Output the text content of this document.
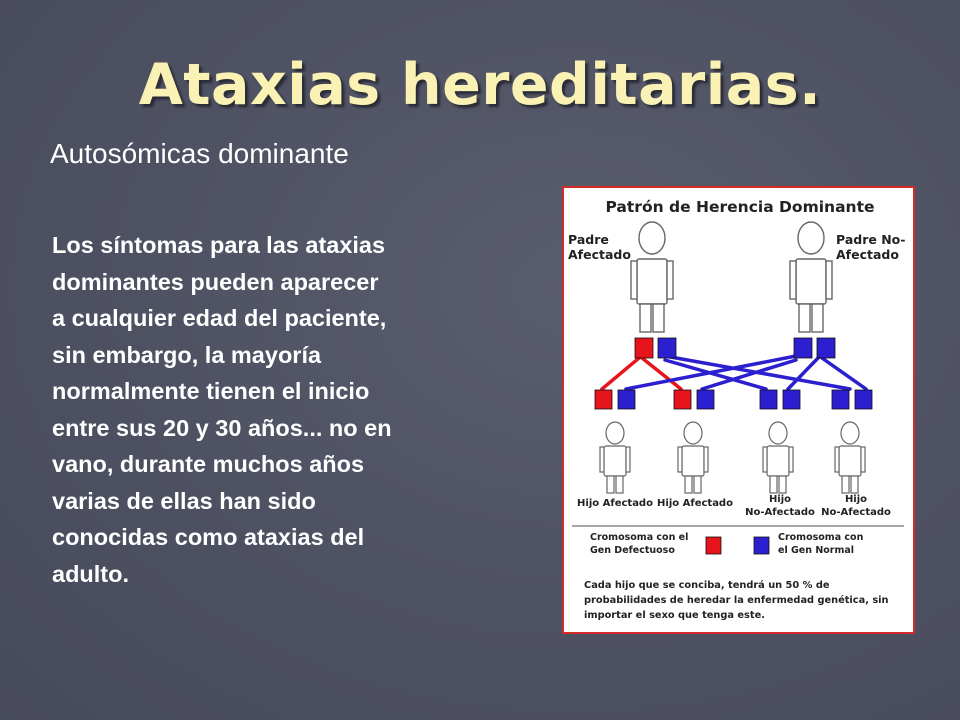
Ataxias hereditarias.
Autosómicas dominante
Los síntomas para las ataxias
dominantes pueden aparecer
a cualquier edad del paciente,
sin embargo, la mayoría
normalmente tienen el inicio
entre sus 20 y 30 años... no en
vano, durante muchos años
varias de ellas han sido
conocidas como ataxias del
adulto.
Patrón de Herencia Dominante
Padre
Afectado
Padre No-
Afectado
Hijo Afectado Hijo Afectado	Hijo
No-Afectado
Hijo
No-Afectado
Cromosoma con el
Gen Defectuoso
Cromosoma con
el Gen Normal
Cada hijo que se conciba, tendrá un 50 % de
probabilidades de heredar la enfermedad genética, sin
importar el sexo que tenga este.
